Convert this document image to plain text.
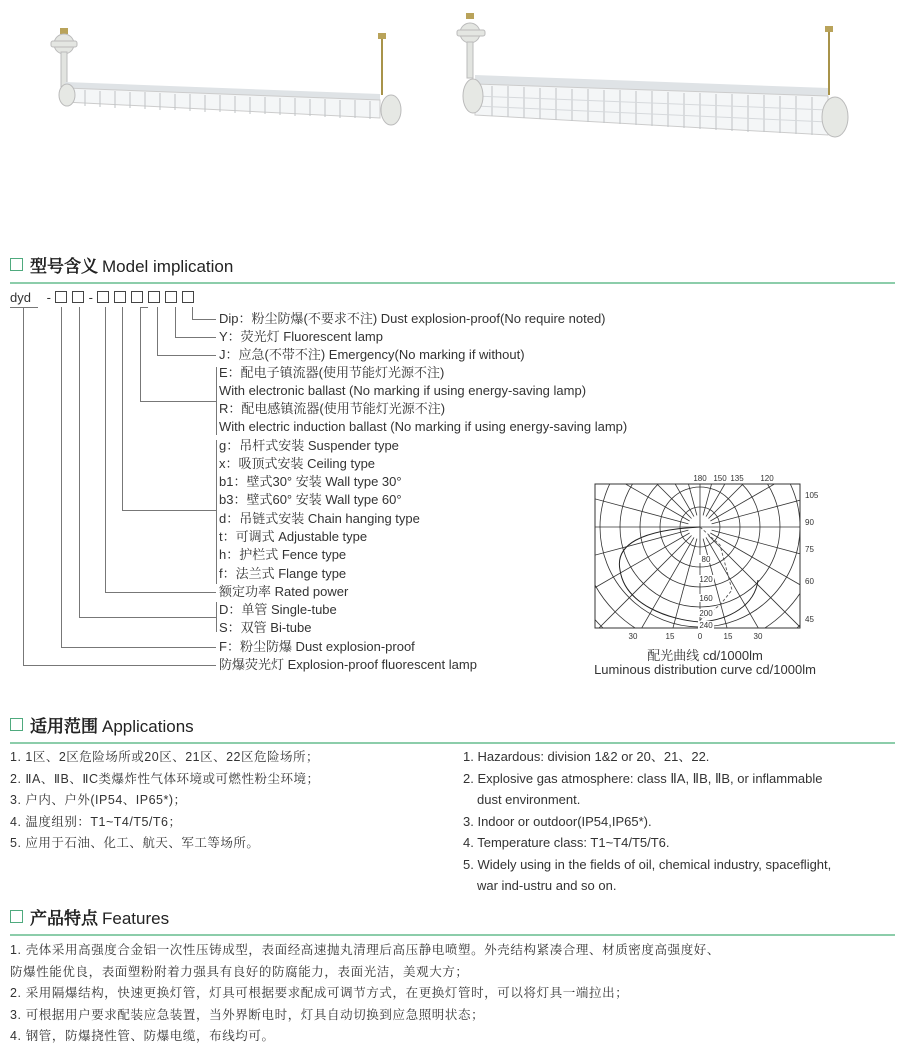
型号含义 Model implication
dyd -	-
Dip：粉尘防爆(不要求不注) Dust explosion-proof(No require noted)
Y：荧光灯 Fluorescent lamp
J：应急(不带不注) Emergency(No marking if without)
E：配电子镇流器(使用节能灯光源不注)
With electronic ballast (No marking if using energy-saving lamp)
R：配电感镇流器(使用节能灯光源不注)
With electric induction ballast (No marking if using energy-saving lamp)
g：吊杆式安装 Suspender type
x：吸顶式安装 Ceiling type
b1：壁式30° 安装 Wall type 30°
b3：壁式60° 安装 Wall type 60°
d：吊链式安装 Chain hanging type
t：可调式 Adjustable type
h：护栏式 Fence type
f：法兰式 Flange type
额定功率 Rated power
D：单管 Single-tube
S：双管 Bi-tube
F：粉尘防爆 Dust explosion-proof
防爆荧光灯 Explosion-proof fluorescent lamp
180 150 135 120
105
90
75
60
45
30	15	0	15	30
80
120
160
200
240
配光曲线 cd/1000lm
Luminous distribution curve cd/1000lm
适用范围 Applications
1. 1区、2区危险场所或20区、21区、22区危险场所；
2. ⅡA、ⅡB、ⅡC类爆炸性气体环境或可燃性粉尘环境；
3. 户内、户外(IP54、IP65*)；
4. 温度组别：T1~T4/T5/T6；
5. 应用于石油、化工、航天、军工等场所。
1. Hazardous: division 1&2 or 20、21、22.
2. Explosive gas atmosphere: class ⅡA, ⅡB, ⅡB, or inflammable
dust environment.
3. Indoor or outdoor(IP54,IP65*).
4. Temperature class: T1~T4/T5/T6.
5. Widely using in the fields of oil, chemical industry, spaceflight,
war ind-ustru and so on.
产品特点 Features
1. 壳体采用高强度合金铝一次性压铸成型，表面经高速抛丸清理后高压静电喷塑。外壳结构紧凑合理、材质密度高强度好、
防爆性能优良，表面塑粉附着力强具有良好的防腐能力，表面光洁，美观大方；
2. 采用隔爆结构，快速更换灯管，灯具可根据要求配成可调节方式，在更换灯管时，可以将灯具一端拉出；
3. 可根据用户要求配装应急装置，当外界断电时，灯具自动切换到应急照明状态；
4. 钢管，防爆挠性管、防爆电缆，布线均可。
